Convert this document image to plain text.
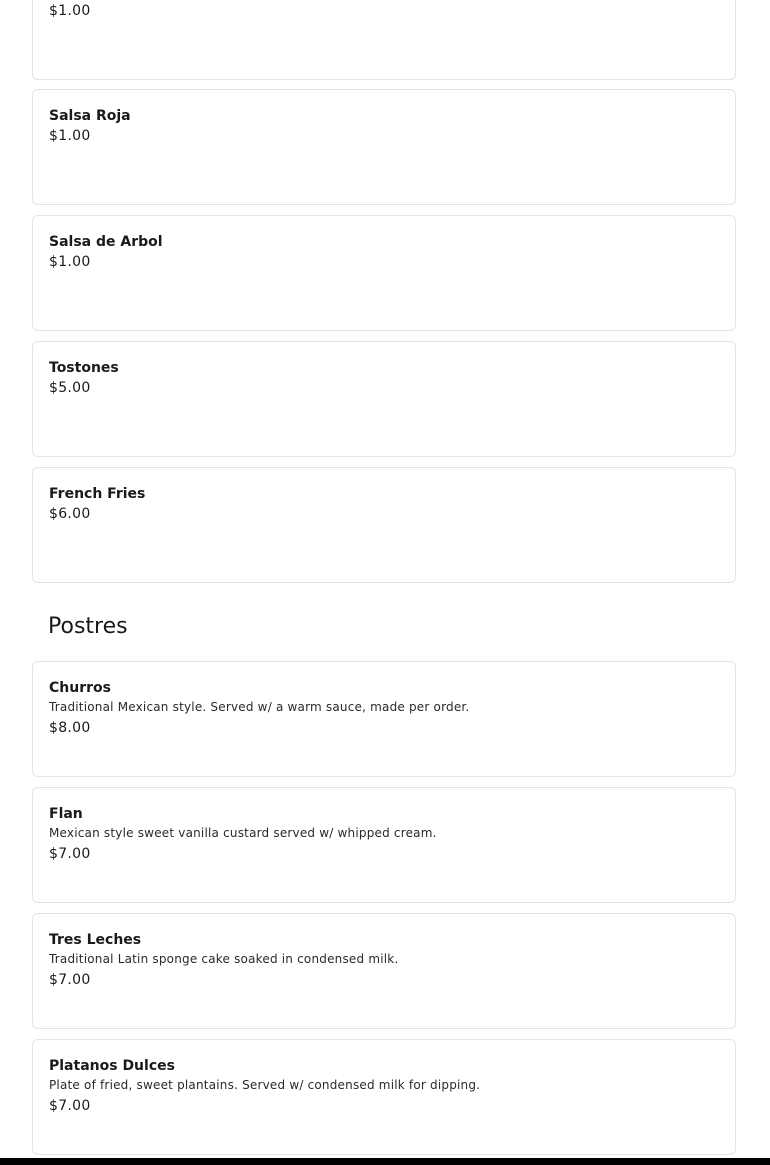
$1.00
Salsa Roja
$1.00
Salsa de Arbol
$1.00
Tostones
$5.00
French Fries
$6.00
Postres
Churros
Traditional Mexican style. Served w/ a warm sauce, made per order.
$8.00
Flan
Mexican style sweet vanilla custard served w/ whipped cream.
$7.00
Tres Leches
Traditional Latin sponge cake soaked in condensed milk.
$7.00
Platanos Dulces
Plate of fried, sweet plantains. Served w/ condensed milk for dipping.
$7.00
